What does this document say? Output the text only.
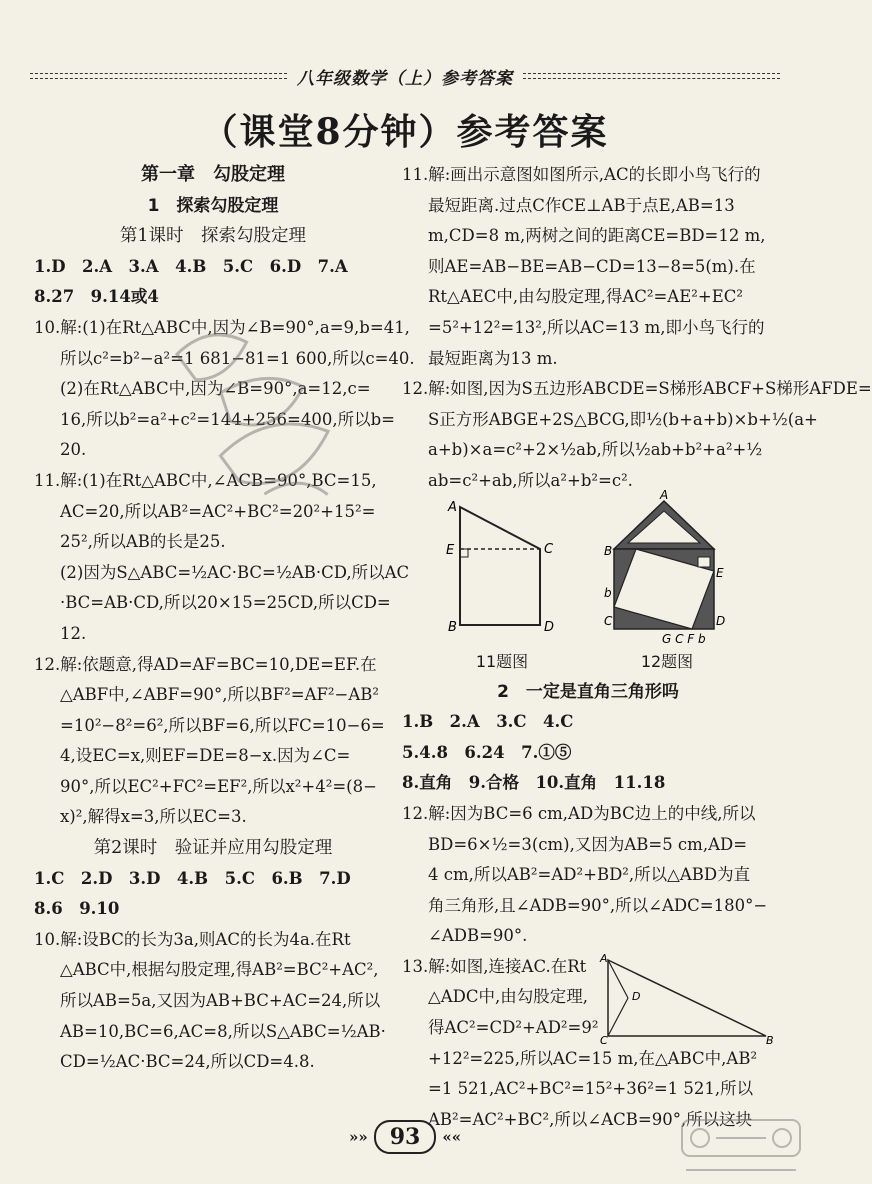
八年级数学（上）参考答案
（课堂8分钟）参考答案
第一章　勾股定理
1　探索勾股定理
第1课时　探索勾股定理
1.D　2.A　3.A　4.B　5.C　6.D　7.A
8.27　9.14或4
10.解:(1)在Rt△ABC中,因为∠B=90°,a=9,b=41,
所以c²=b²−a²=1 681−81=1 600,所以c=40.
(2)在Rt△ABC中,因为∠B=90°,a=12,c=
16,所以b²=a²+c²=144+256=400,所以b=
20.
11.解:(1)在Rt△ABC中,∠ACB=90°,BC=15,
AC=20,所以AB²=AC²+BC²=20²+15²=
25²,所以AB的长是25.
(2)因为S△ABC=½AC·BC=½AB·CD,所以AC
·BC=AB·CD,所以20×15=25CD,所以CD=
12.
12.解:依题意,得AD=AF=BC=10,DE=EF.在
△ABF中,∠ABF=90°,所以BF²=AF²−AB²
=10²−8²=6²,所以BF=6,所以FC=10−6=
4,设EC=x,则EF=DE=8−x.因为∠C=
90°,所以EC²+FC²=EF²,所以x²+4²=(8−
x)²,解得x=3,所以EC=3.
第2课时　验证并应用勾股定理
1.C　2.D　3.D　4.B　5.C　6.B　7.D
8.6　9.10
10.解:设BC的长为3a,则AC的长为4a.在Rt
△ABC中,根据勾股定理,得AB²=BC²+AC²,
所以AB=5a,又因为AB+BC+AC=24,所以
AB=10,BC=6,AC=8,所以S△ABC=½AB·
CD=½AC·BC=24,所以CD=4.8.
11.解:画出示意图如图所示,AC的长即小鸟飞行的
最短距离.过点C作CE⊥AB于点E,AB=13
m,CD=8 m,两树之间的距离CE=BD=12 m,
则AE=AB−BE=AB−CD=13−8=5(m).在
Rt△AEC中,由勾股定理,得AC²=AE²+EC²
=5²+12²=13²,所以AC=13 m,即小鸟飞行的
最短距离为13 m.
12.解:如图,因为S五边形ABCDE=S梯形ABCF+S梯形AFDE=
S正方形ABGE+2S△BCG,即½(b+a+b)×b+½(a+
a+b)×a=c²+2×½ab,所以½ab+b²+a²+½
ab=c²+ab,所以a²+b²=c².
A
E
B
C
D
11题图
B
E
b
C
G C F b
D
A
12题图
2　一定是直角三角形吗
1.B　2.A　3.C　4.C
5.4.8　6.24　7.①⑤
8.直角　9.合格　10.直角　11.18
12.解:因为BC=6 cm,AD为BC边上的中线,所以
BD=6×½=3(cm),又因为AB=5 cm,AD=
4 cm,所以AB²=AD²+BD²,所以△ABD为直
角三角形,且∠ADB=90°,所以∠ADC=180°−
∠ADB=90°.
13.解:如图,连接AC.在Rt
△ADC中,由勾股定理,
得AC²=CD²+AD²=9²
A
D
C	B
+12²=225,所以AC=15 m,在△ABC中,AB²
=1 521,AC²+BC²=15²+36²=1 521,所以
AB²=AC²+BC²,所以∠ACB=90°,所以这块
»»	93	««
